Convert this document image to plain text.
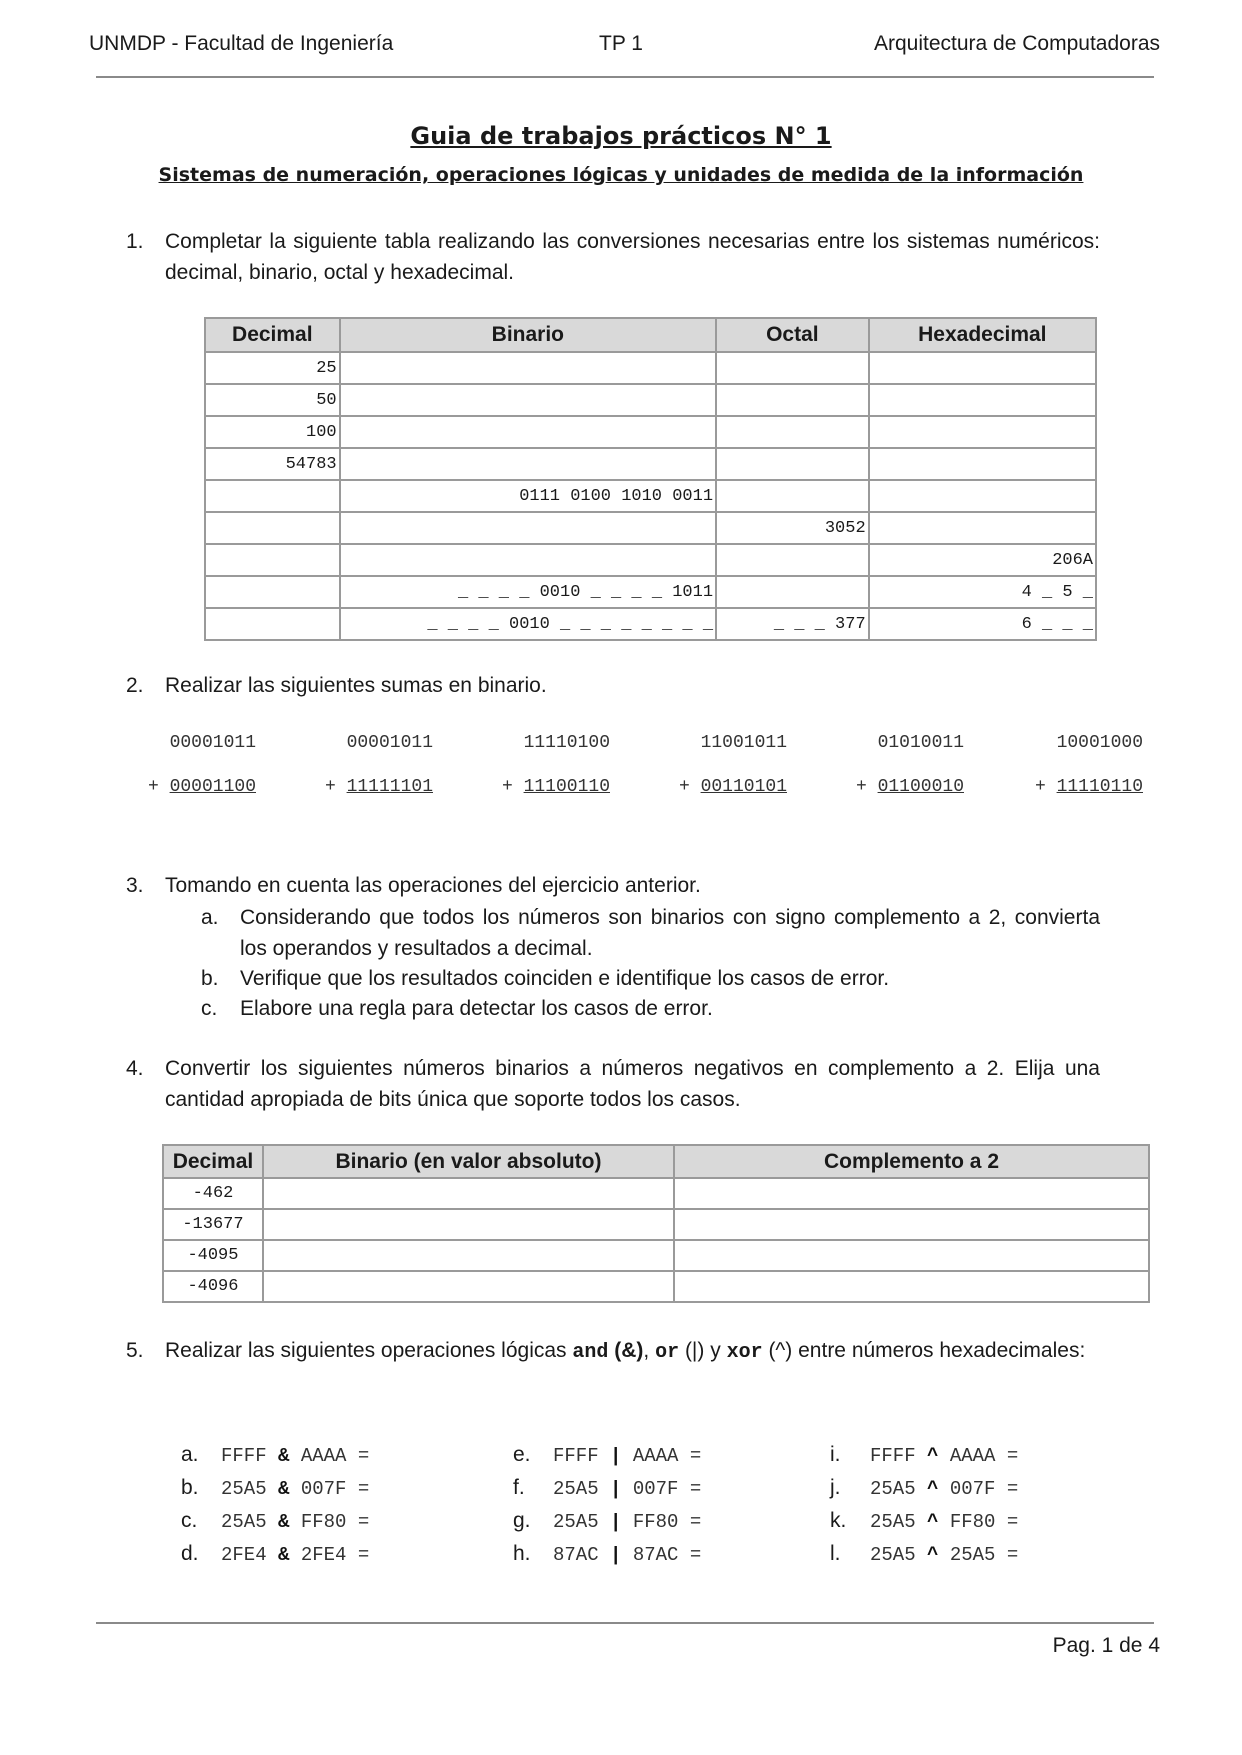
UNMDP - Facultad de Ingeniería	TP 1	Arquitectura de Computadoras
Guia de trabajos prácticos N° 1
Sistemas de numeración, operaciones lógicas y unidades de medida de la información
1.	Completar la siguiente tabla realizando las conversiones necesarias entre los sistemas numéricos: decimal, binario, octal y hexadecimal.
Decimal	Binario	Octal	Hexadecimal
25			
50			
100			
54783			
	0111 0100 1010 0011		
		3052	
			206A
	_ _ _ _ 0010 _ _ _ _ 1011		4 _ 5 _
	_ _ _ _ 0010 _ _ _ _ _ _ _ _	_ _ _ 377	6 _ _ _
2.	Realizar las siguientes sumas en binario.
00001011
+ 00001100
00001011
+ 11111101
11110100
+ 11100110
11001011
+ 00110101
01010011
+ 01100010
10001000
+ 11110110
3.	Tomando en cuenta las operaciones del ejercicio anterior.
a.	Considerando que todos los números son binarios con signo complemento a 2, convierta los operandos y resultados a decimal.
b.	Verifique que los resultados coinciden e identifique los casos de error.
c.	Elabore una regla para detectar los casos de error.
4.	Convertir los siguientes números binarios a números negativos en complemento a 2. Elija una cantidad apropiada de bits única que soporte todos los casos.
Decimal	Binario (en valor absoluto)	Complemento a 2
-462		
-13677		
-4095		
-4096		
5.	Realizar las siguientes operaciones lógicas and (&), or (|) y xor (^) entre números hexadecimales:
a.	FFFF & AAAA =
b.	25A5 & 007F =
c.	25A5 & FF80 =
d.	2FE4 & 2FE4 =
e.	FFFF | AAAA =
f.	25A5 | 007F =
g.	25A5 | FF80 =
h.	87AC | 87AC =
i.	FFFF ^ AAAA =
j.	25A5 ^ 007F =
k.	25A5 ^ FF80 =
l.	25A5 ^ 25A5 =
Pag. 1 de 4
